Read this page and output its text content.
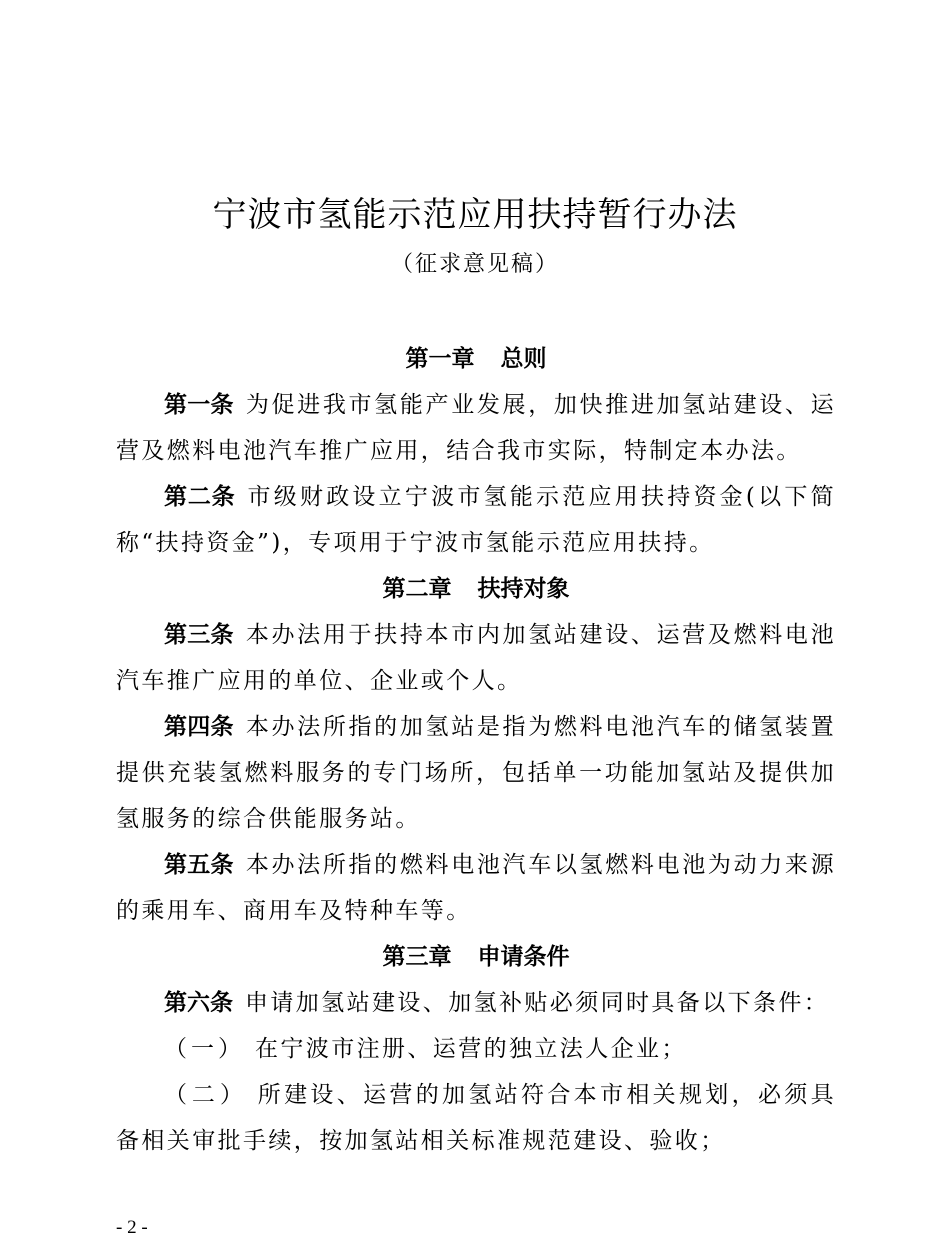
宁波市氢能示范应用扶持暂行办法

（征求意见稿）

第一章 总则

第一条 为促进我市氢能产业发展，加快推进加氢站建设、运营及燃料电池汽车推广应用，结合我市实际，特制定本办法。

第二条 市级财政设立宁波市氢能示范应用扶持资金(以下简称“扶持资金”)，专项用于宁波市氢能示范应用扶持。

第二章 扶持对象

第三条 本办法用于扶持本市内加氢站建设、运营及燃料电池汽车推广应用的单位、企业或个人。

第四条 本办法所指的加氢站是指为燃料电池汽车的储氢装置提供充装氢燃料服务的专门场所，包括单一功能加氢站及提供加氢服务的综合供能服务站。

第五条 本办法所指的燃料电池汽车以氢燃料电池为动力来源的乘用车、商用车及特种车等。

第三章 申请条件

第六条 申请加氢站建设、加氢补贴必须同时具备以下条件：

（一） 在宁波市注册、运营的独立法人企业；

（二） 所建设、运营的加氢站符合本市相关规划，必须具备相关审批手续，按加氢站相关标准规范建设、验收；

- 2 -
